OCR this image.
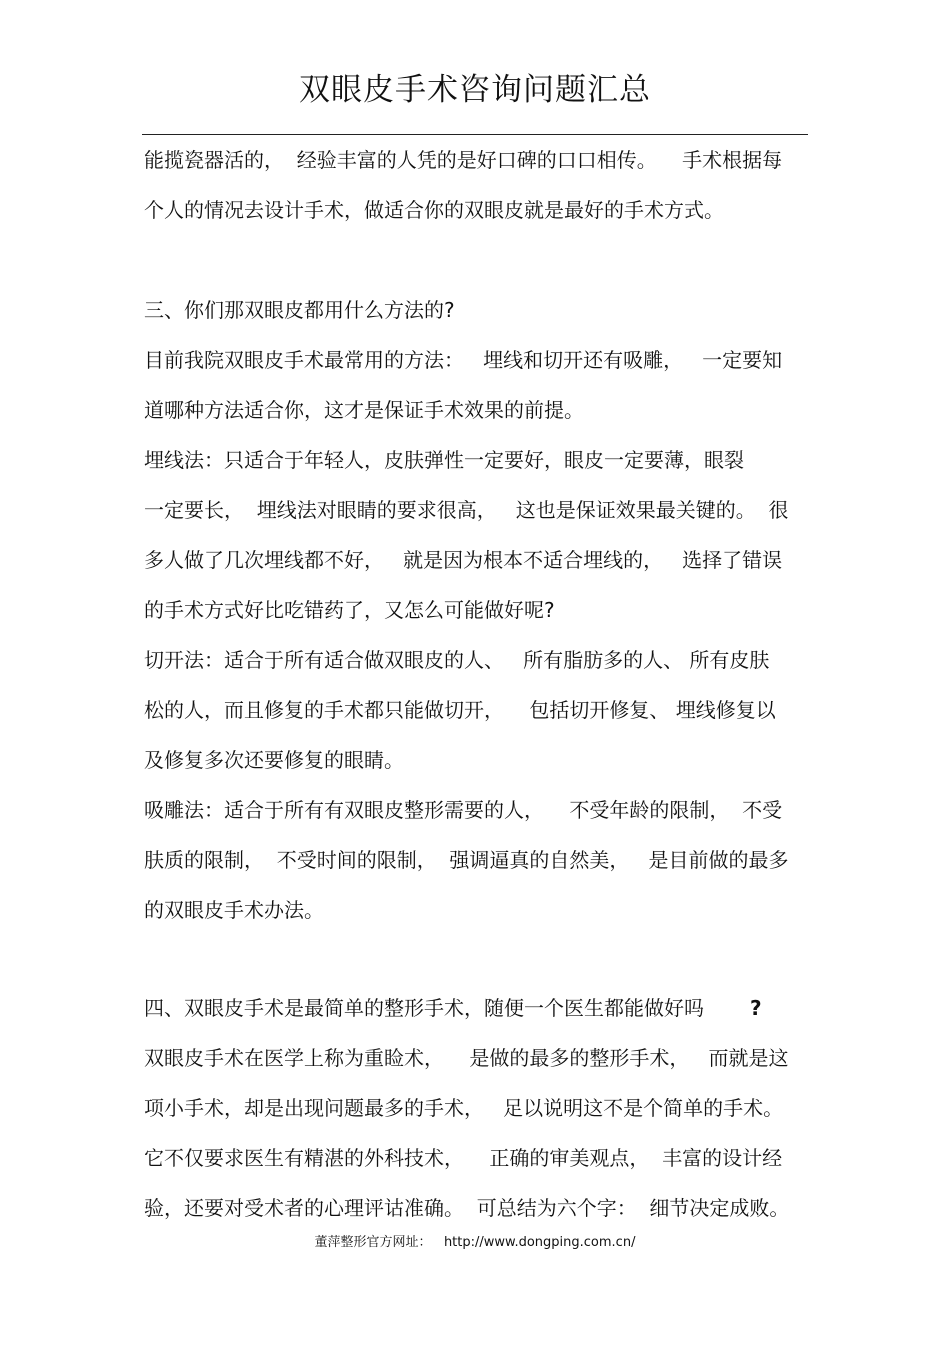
双眼皮手术咨询问题汇总
能揽瓷器活的，  经验丰富的人凭的是好口碑的口口相传。    手术根据每
个人的情况去设计手术，做适合你的双眼皮就是最好的手术方式。
三、你们那双眼皮都用什么方法的?
目前我院双眼皮手术最常用的方法：   埋线和切开还有吸雕，   一定要知
道哪种方法适合你，这才是保证手术效果的前提。
埋线法：只适合于年轻人，皮肤弹性一定要好，眼皮一定要薄，眼裂
一定要长，  埋线法对眼睛的要求很高，   这也是保证效果最关键的。  很
多人做了几次埋线都不好，   就是因为根本不适合埋线的，   选择了错误
的手术方式好比吃错药了，又怎么可能做好呢?
切开法：适合于所有适合做双眼皮的人、   所有脂肪多的人、 所有皮肤
松的人，而且修复的手术都只能做切开，    包括切开修复、 埋线修复以
及修复多次还要修复的眼睛。
吸雕法：适合于所有有双眼皮整形需要的人，    不受年龄的限制，  不受
肤质的限制，  不受时间的限制，  强调逼真的自然美，   是目前做的最多
的双眼皮手术办法。
四、双眼皮手术是最简单的整形手术，随便一个医生都能做好吗 ?
双眼皮手术在医学上称为重睑术，    是做的最多的整形手术，   而就是这
项小手术，却是出现问题最多的手术，   足以说明这不是个简单的手术。
它不仅要求医生有精湛的外科技术，    正确的审美观点，  丰富的设计经
验，还要对受术者的心理评诂准确。  可总结为六个字：  细节决定成败。
董萍整形官方网址：   http://www.dongping.com.cn/
